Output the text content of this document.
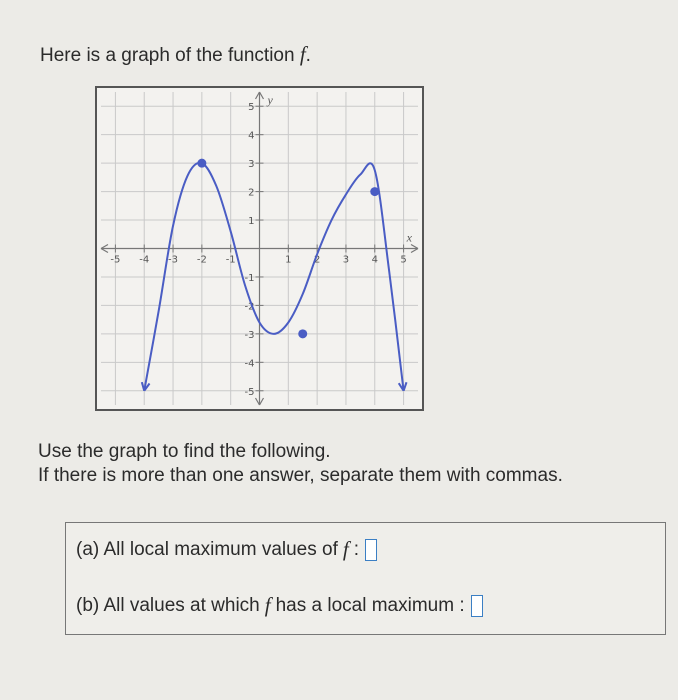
Here is a graph of the function f.

-5 -4 -3 -2 -1	1 2 3 4 5
5
4
3
2
1
-1
-2
-3
-4
-5
x
y
Use the graph to find the following.
If there is more than one answer, separate them with commas.
(a) All local maximum values of f :
(b) All values at which f has a local maximum :
